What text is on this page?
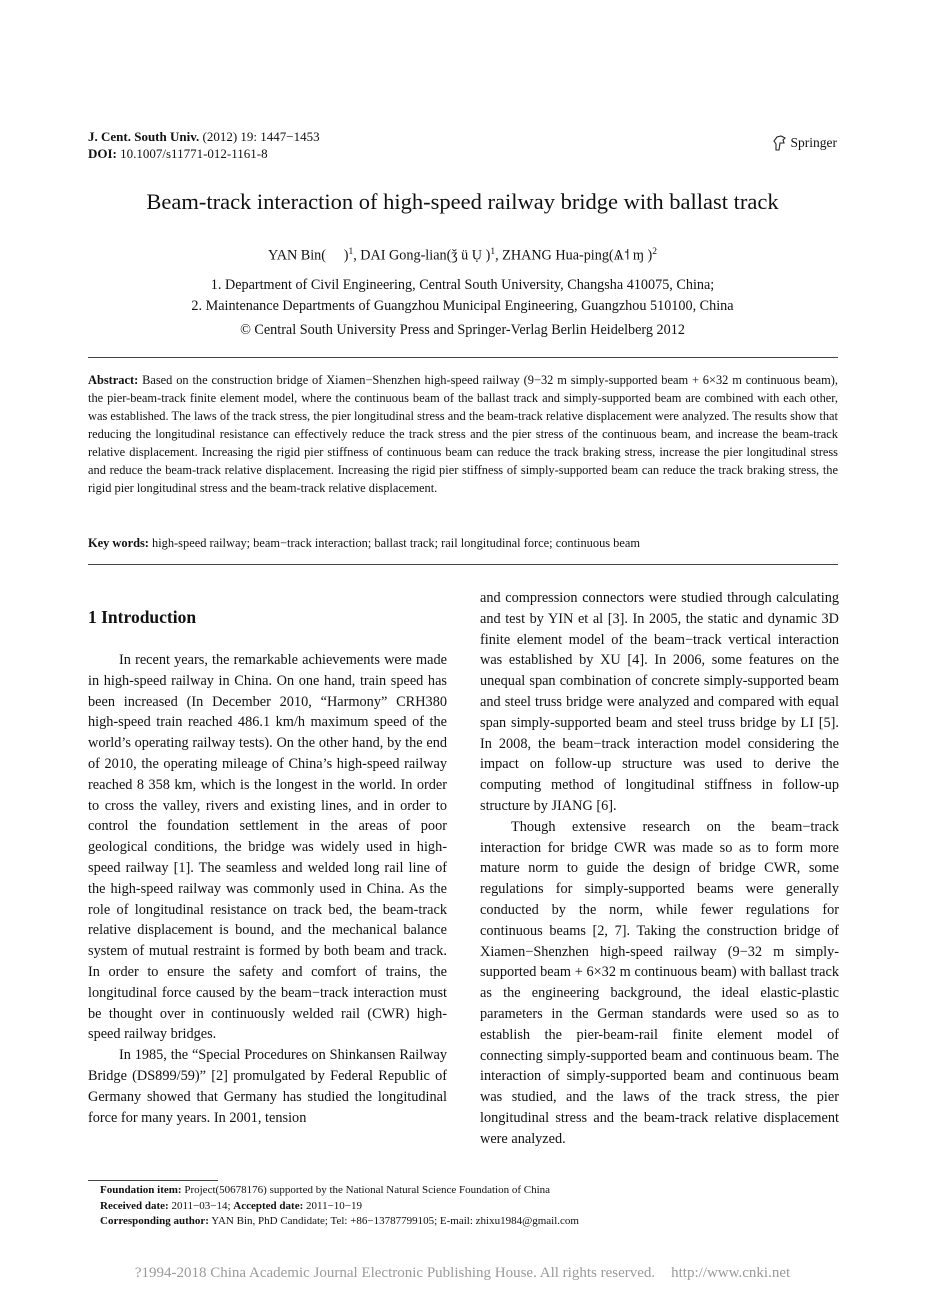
J. Cent. South Univ. (2012) 19: 1447−1453
DOI: 10.1007/s11771-012-1161-8
Springer
Beam-track interaction of high-speed railway bridge with ballast track
YAN Bin(     )$^1$, DAI Gong-lian(ǯ ü Ụ )$^1$, ZHANG Hua-ping(Ѧ˦ ɱ )$^2$
1. Department of Civil Engineering, Central South University, Changsha 410075, China;
2. Maintenance Departments of Guangzhou Municipal Engineering, Guangzhou 510100, China
© Central South University Press and Springer-Verlag Berlin Heidelberg 2012
Abstract: Based on the construction bridge of Xiamen−Shenzhen high-speed railway (9−32 m simply-supported beam + 6×32 m continuous beam), the pier-beam-track finite element model, where the continuous beam of the ballast track and simply-supported beam are combined with each other, was established. The laws of the track stress, the pier longitudinal stress and the beam-track relative displacement were analyzed. The results show that reducing the longitudinal resistance can effectively reduce the track stress and the pier stress of the continuous beam, and increase the beam-track relative displacement. Increasing the rigid pier stiffness of continuous beam can reduce the track braking stress, increase the pier longitudinal stress and reduce the beam-track relative displacement. Increasing the rigid pier stiffness of simply-supported beam can reduce the track braking stress, the rigid pier longitudinal stress and the beam-track relative displacement.
Key words: high-speed railway; beam−track interaction; ballast track; rail longitudinal force; continuous beam
1 Introduction

In recent years, the remarkable achievements were made in high-speed railway in China. On one hand, train speed has been increased (In December 2010, “Harmony” CRH380 high-speed train reached 486.1 km/h maximum speed of the world’s operating railway tests). On the other hand, by the end of 2010, the operating mileage of China’s high-speed railway reached 8 358 km, which is the longest in the world. In order to cross the valley, rivers and existing lines, and in order to control the foundation settlement in the areas of poor geological conditions, the bridge was widely used in high-speed railway [1]. The seamless and welded long rail line of the high-speed railway was commonly used in China. As the role of longitudinal resistance on track bed, the beam-track relative displacement is bound, and the mechanical balance system of mutual restraint is formed by both beam and track. In order to ensure the safety and comfort of trains, the longitudinal force caused by the beam−track interaction must be thought over in continuously welded rail (CWR) high-speed railway bridges.

In 1985, the “Special Procedures on Shinkansen Railway Bridge (DS899/59)” [2] promulgated by Federal Republic of Germany showed that Germany has studied the longitudinal force for many years. In 2001, tension

and compression connectors were studied through calculating and test by YIN et al [3]. In 2005, the static and dynamic 3D finite element model of the beam−track vertical interaction was established by XU [4]. In 2006, some features on the unequal span combination of concrete simply-supported beam and steel truss bridge were analyzed and compared with equal span simply-supported beam and steel truss bridge by LI [5]. In 2008, the beam−track interaction model considering the impact on follow-up structure was used to derive the computing method of longitudinal stiffness in follow-up structure by JIANG [6].

Though extensive research on the beam−track interaction for bridge CWR was made so as to form more mature norm to guide the design of bridge CWR, some regulations for simply-supported beams were generally conducted by the norm, while fewer regulations for continuous beams [2, 7]. Taking the construction bridge of Xiamen−Shenzhen high-speed railway (9−32 m simply-supported beam + 6×32 m continuous beam) with ballast track as the engineering background, the ideal elastic-plastic parameters in the German standards were used so as to establish the pier-beam-rail finite element model of connecting simply-supported beam and continuous beam. The interaction of simply-supported beam and continuous beam was studied, and the laws of the track stress, the pier longitudinal stress and the beam-track relative displacement were analyzed.

Foundation item: Project(50678176) supported by the National Natural Science Foundation of China
Received date: 2011−03−14; Accepted date: 2011−10−19
Corresponding author: YAN Bin, PhD Candidate; Tel: +86−13787799105; E-mail: zhixu1984@gmail.com
?1994-2018 China Academic Journal Electronic Publishing House. All rights reserved. http://www.cnki.net
